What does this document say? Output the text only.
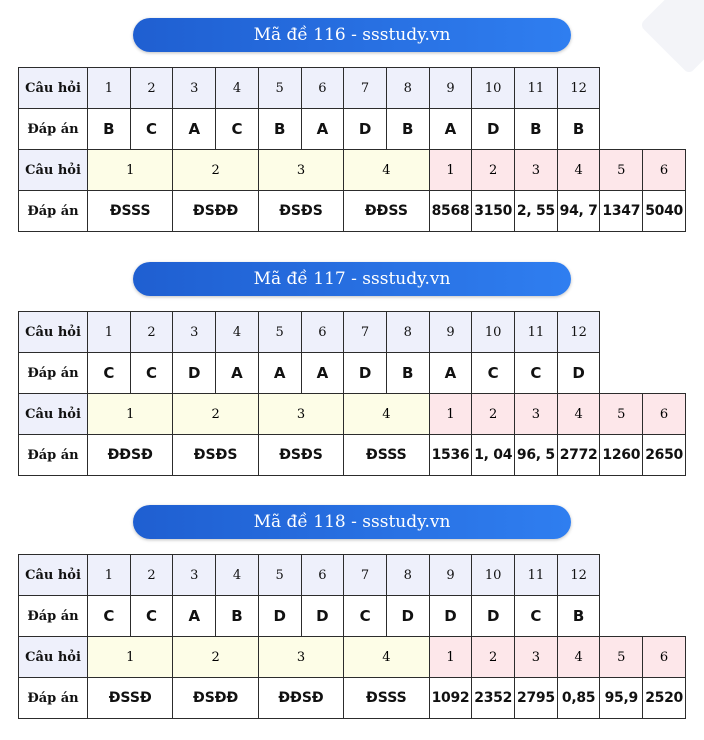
Mã đề 116 - ssstudy.vn
Câu hỏi	1	2	3	4	5	6	7	8	9	10	11	12		
Đáp án	B	C	A	C	B	A	D	B	A	D	B	B		
Câu hỏi	1		2		3		4		1	2	3	4	5	6
Đáp án	ĐSSS		ĐSĐĐ		ĐSĐS		ĐĐSS		8568	3150	2, 55	94, 7	1347	5040
Mã đề 117 - ssstudy.vn
Câu hỏi	1	2	3	4	5	6	7	8	9	10	11	12		
Đáp án	C	C	D	A	A	A	D	B	A	C	C	D		
Câu hỏi	1		2		3		4		1	2	3	4	5	6
Đáp án	ĐĐSĐ		ĐSĐS		ĐSĐS		ĐSSS		1536	1, 04	96, 5	2772	1260	2650
Mã đề 118 - ssstudy.vn
Câu hỏi	1	2	3	4	5	6	7	8	9	10	11	12		
Đáp án	C	C	A	B	D	D	C	D	D	D	C	B		
Câu hỏi	1		2		3		4		1	2	3	4	5	6
Đáp án	ĐSSĐ		ĐSĐĐ		ĐĐSĐ		ĐSSS		1092	2352	2795	0,85	95,9	2520
